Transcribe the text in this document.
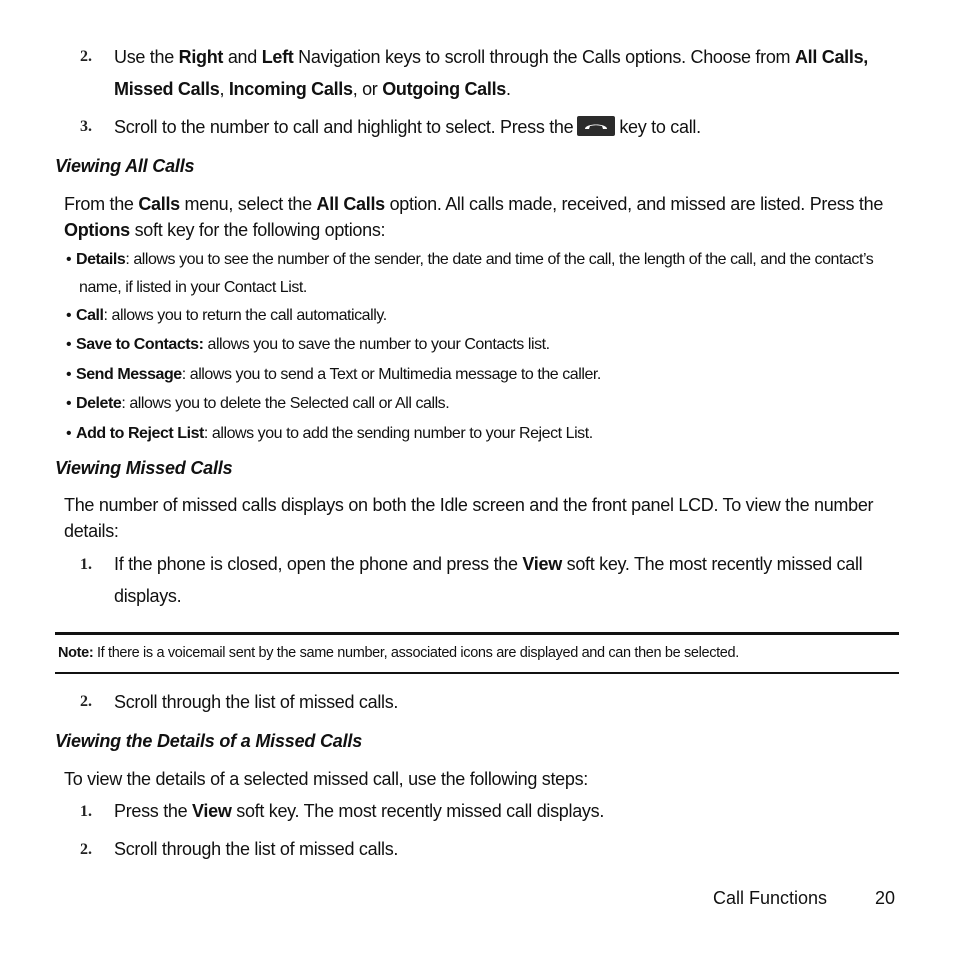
2.	Use the Right and Left Navigation keys to scroll through the Calls options. Choose from All Calls,
Missed Calls, Incoming Calls, or Outgoing Calls.
3.	Scroll to the number to call and highlight to select. Press the	key to call.
Viewing All Calls
From the Calls menu, select the All Calls option. All calls made, received, and missed are listed. Press the
Options soft key for the following options:
• Details: allows you to see the number of the sender, the date and time of the call, the length of the call, and the contact’s
name, if listed in your Contact List.
• Call: allows you to return the call automatically.
• Save to Contacts: allows you to save the number to your Contacts list.
• Send Message: allows you to send a Text or Multimedia message to the caller.
• Delete: allows you to delete the Selected call or All calls.
• Add to Reject List: allows you to add the sending number to your Reject List.
Viewing Missed Calls
The number of missed calls displays on both the Idle screen and the front panel LCD. To view the number
details:
1.	If the phone is closed, open the phone and press the View soft key. The most recently missed call
displays.
Note: If there is a voicemail sent by the same number, associated icons are displayed and can then be selected.
2.	Scroll through the list of missed calls.
Viewing the Details of a Missed Calls
To view the details of a selected missed call, use the following steps:
1.	Press the View soft key. The most recently missed call displays.
2.	Scroll through the list of missed calls.
Call Functions	20
